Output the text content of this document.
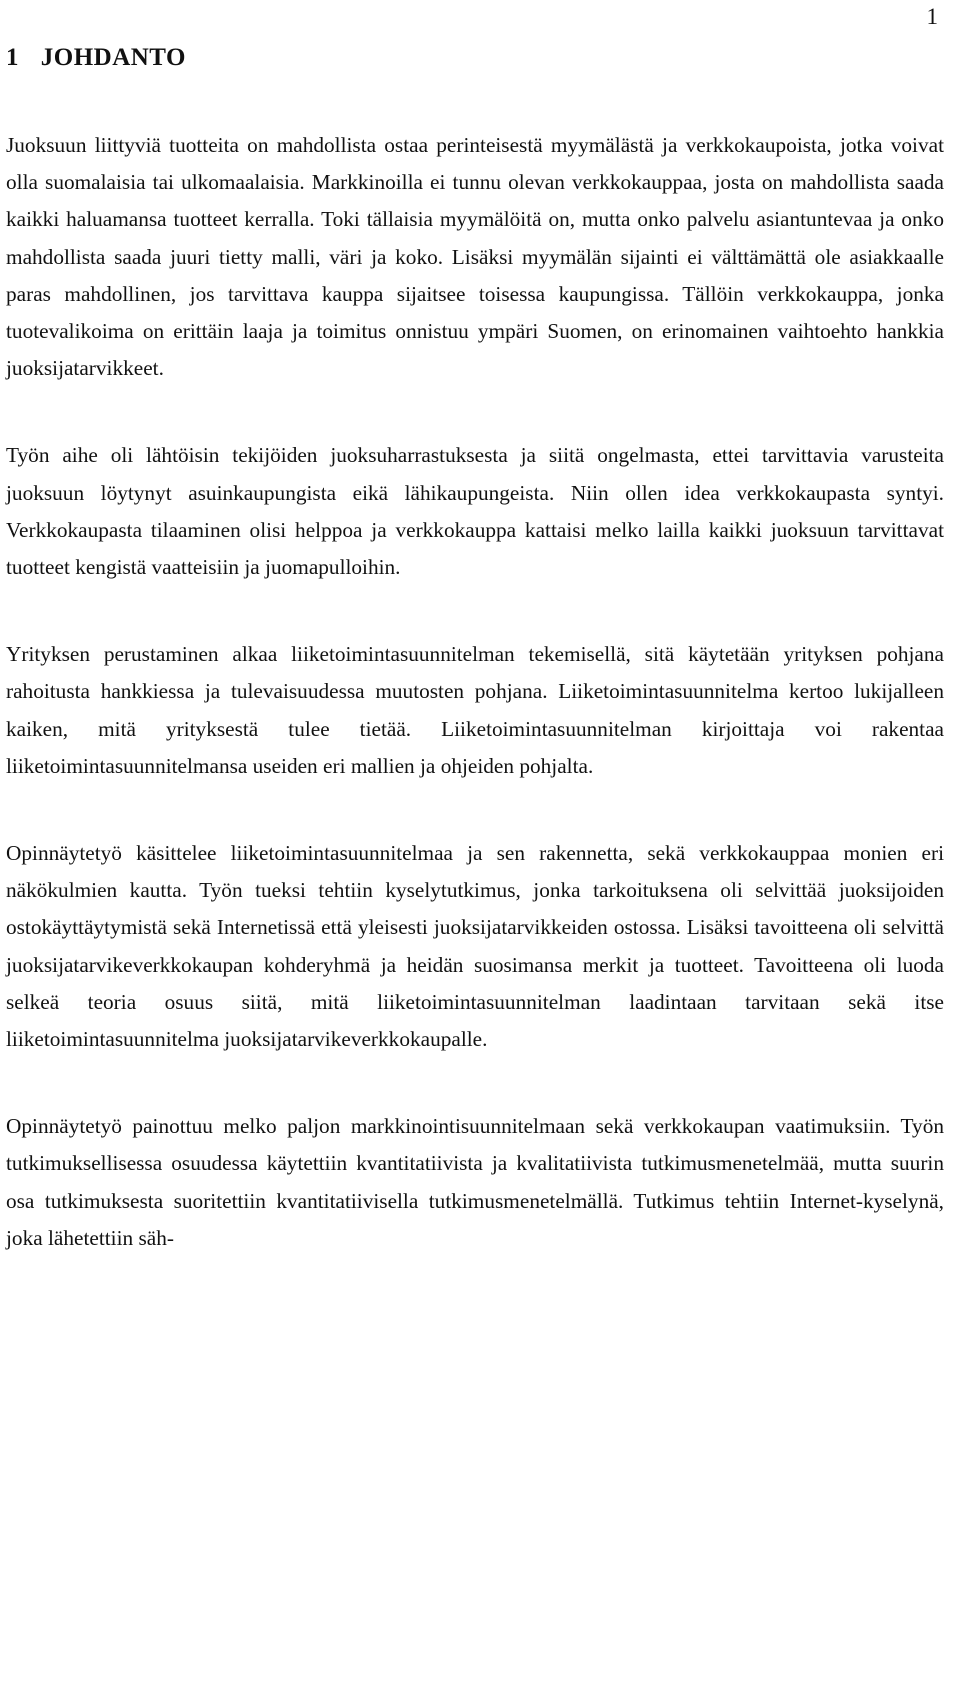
1
1 JOHDANTO

Juoksuun liittyviä tuotteita on mahdollista ostaa perinteisestä myymälästä ja verkkokaupoista, jotka voivat olla suomalaisia tai ulkomaalaisia. Markkinoilla ei tunnu olevan verkkokauppaa, josta on mahdollista saada kaikki haluamansa tuotteet kerralla. Toki tällaisia myymälöitä on, mutta onko palvelu asiantuntevaa ja onko mahdollista saada juuri tietty malli, väri ja koko. Lisäksi myymälän sijainti ei välttämättä ole asiakkaalle paras mahdollinen, jos tarvittava kauppa sijaitsee toisessa kaupungissa. Tällöin verkkokauppa, jonka tuotevalikoima on erittäin laaja ja toimitus onnistuu ympäri Suomen, on erinomainen vaihtoehto hankkia juoksijatarvikkeet.

Työn aihe oli lähtöisin tekijöiden juoksuharrastuksesta ja siitä ongelmasta, ettei tarvittavia varusteita juoksuun löytynyt asuinkaupungista eikä lähikaupungeista. Niin ollen idea verkkokaupasta syntyi. Verkkokaupasta tilaaminen olisi helppoa ja verkkokauppa kattaisi melko lailla kaikki juoksuun tarvittavat tuotteet kengistä vaatteisiin ja juomapulloihin.

Yrityksen perustaminen alkaa liiketoimintasuunnitelman tekemisellä, sitä käytetään yrityksen pohjana rahoitusta hankkiessa ja tulevaisuudessa muutosten pohjana. Liiketoimintasuunnitelma kertoo lukijalleen kaiken, mitä yrityksestä tulee tietää. Liiketoimintasuunnitelman kirjoittaja voi rakentaa liiketoimintasuunnitelmansa useiden eri mallien ja ohjeiden pohjalta.

Opinnäytetyö käsittelee liiketoimintasuunnitelmaa ja sen rakennetta, sekä verkkokauppaa monien eri näkökulmien kautta. Työn tueksi tehtiin kyselytutkimus, jonka tarkoituksena oli selvittää juoksijoiden ostokäyttäytymistä sekä Internetissä että yleisesti juoksijatarvikkeiden ostossa. Lisäksi tavoitteena oli selvittä juoksijatarvikeverkkokaupan kohderyhmä ja heidän suosimansa merkit ja tuotteet. Tavoitteena oli luoda selkeä teoria osuus siitä, mitä liiketoimintasuunnitelman laadintaan tarvitaan sekä itse liiketoimintasuunnitelma juoksijatarvikeverkkokaupalle.

Opinnäytetyö painottuu melko paljon markkinointisuunnitelmaan sekä verkkokaupan vaatimuksiin. Työn tutkimuksellisessa osuudessa käytettiin kvantitatiivista ja kvalitatiivista tutkimusmenetelmää, mutta suurin osa tutkimuksesta suoritettiin kvantitatiivisella tutkimusmenetelmällä. Tutkimus tehtiin Internet-kyselynä, joka lähetettiin säh-
